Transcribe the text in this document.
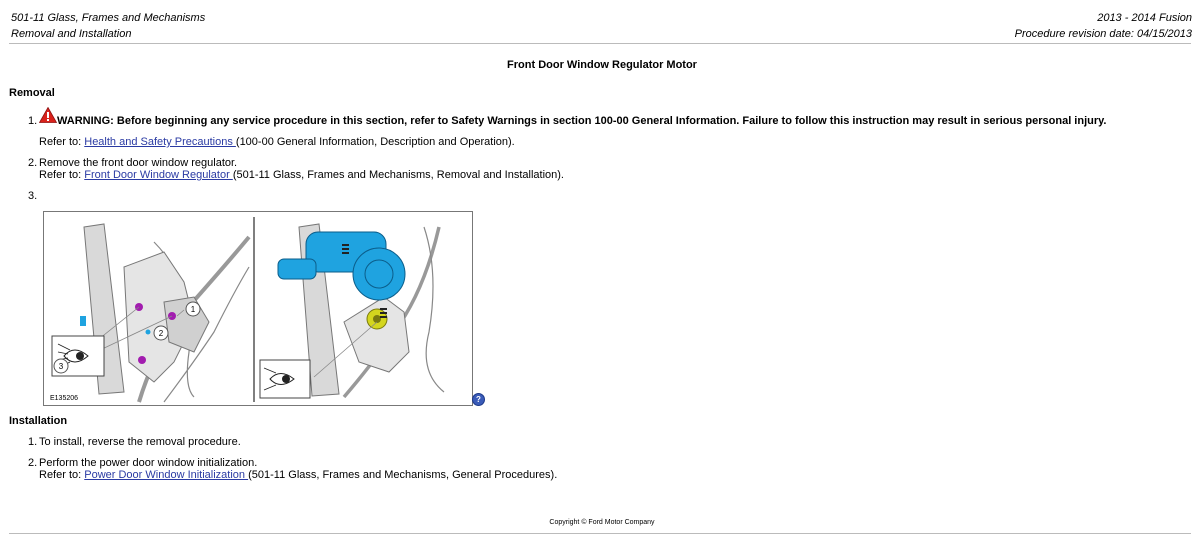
501-11 Glass, Frames and Mechanisms
Removal and Installation
2013 - 2014 Fusion
Procedure revision date: 04/15/2013
Front Door Window Regulator Motor
Removal
1. WARNING: Before beginning any service procedure in this section, refer to Safety Warnings in section 100-00 General Information. Failure to follow this instruction may result in serious personal injury.
Refer to: Health and Safety Precautions (100-00 General Information, Description and Operation).
2. Remove the front door window regulator.
Refer to: Front Door Window Regulator (501-11 Glass, Frames and Mechanisms, Removal and Installation).
3.
1
2
3
E135206	?
Installation
1. To install, reverse the removal procedure.
2. Perform the power door window initialization.
Refer to: Power Door Window Initialization (501-11 Glass, Frames and Mechanisms, General Procedures).
Copyright © Ford Motor Company
